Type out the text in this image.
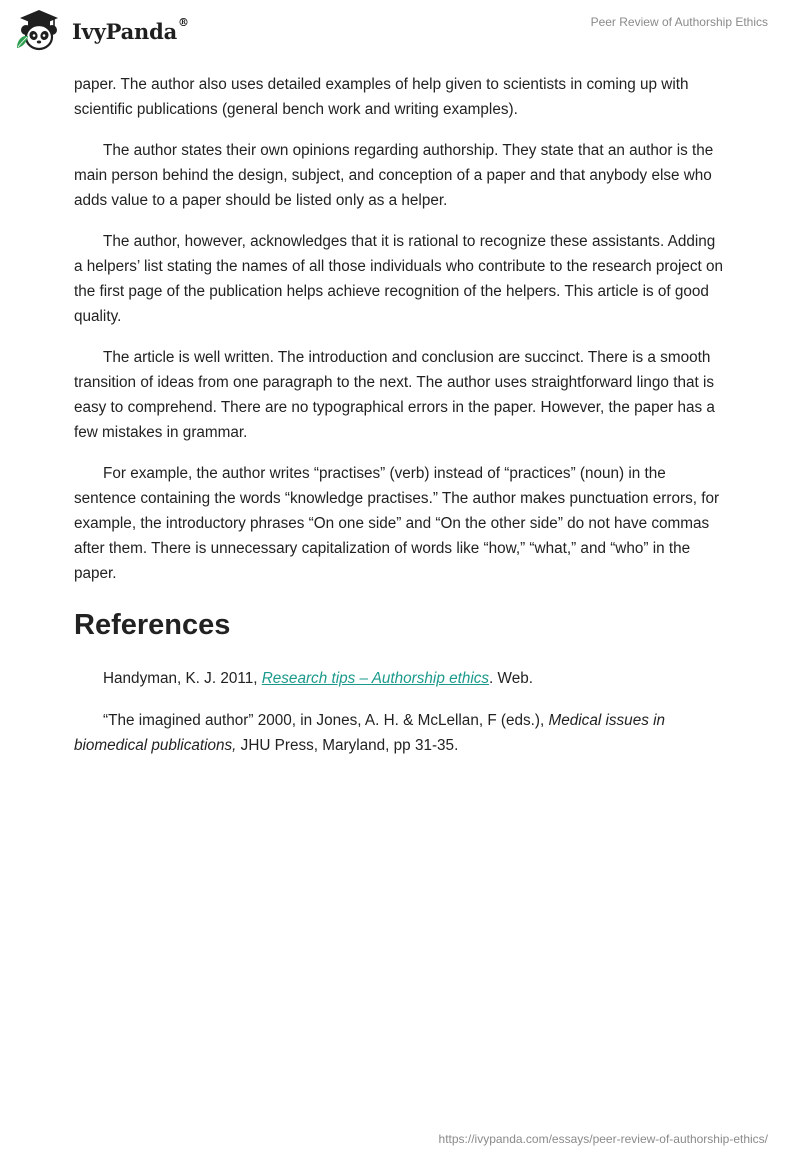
IvyPanda®	Peer Review of Authorship Ethics

paper. The author also uses detailed examples of help given to scientists in coming up with scientific publications (general bench work and writing examples).

The author states their own opinions regarding authorship. They state that an author is the main person behind the design, subject, and conception of a paper and that anybody else who adds value to a paper should be listed only as a helper.

The author, however, acknowledges that it is rational to recognize these assistants. Adding a helpers’ list stating the names of all those individuals who contribute to the research project on the first page of the publication helps achieve recognition of the helpers. This article is of good quality.

The article is well written. The introduction and conclusion are succinct. There is a smooth transition of ideas from one paragraph to the next. The author uses straightforward lingo that is easy to comprehend. There are no typographical errors in the paper. However, the paper has a few mistakes in grammar.

For example, the author writes “practises” (verb) instead of “practices” (noun) in the sentence containing the words “knowledge practises.” The author makes punctuation errors, for example, the introductory phrases “On one side” and “On the other side” do not have commas after them. There is unnecessary capitalization of words like “how,” “what,” and “who” in the paper.

References

Handyman, K. J. 2011, Research tips – Authorship ethics. Web.

“The imagined author” 2000, in Jones, A. H. & McLellan, F (eds.), Medical issues in biomedical publications, JHU Press, Maryland, pp 31-35.

https://ivypanda.com/essays/peer-review-of-authorship-ethics/
